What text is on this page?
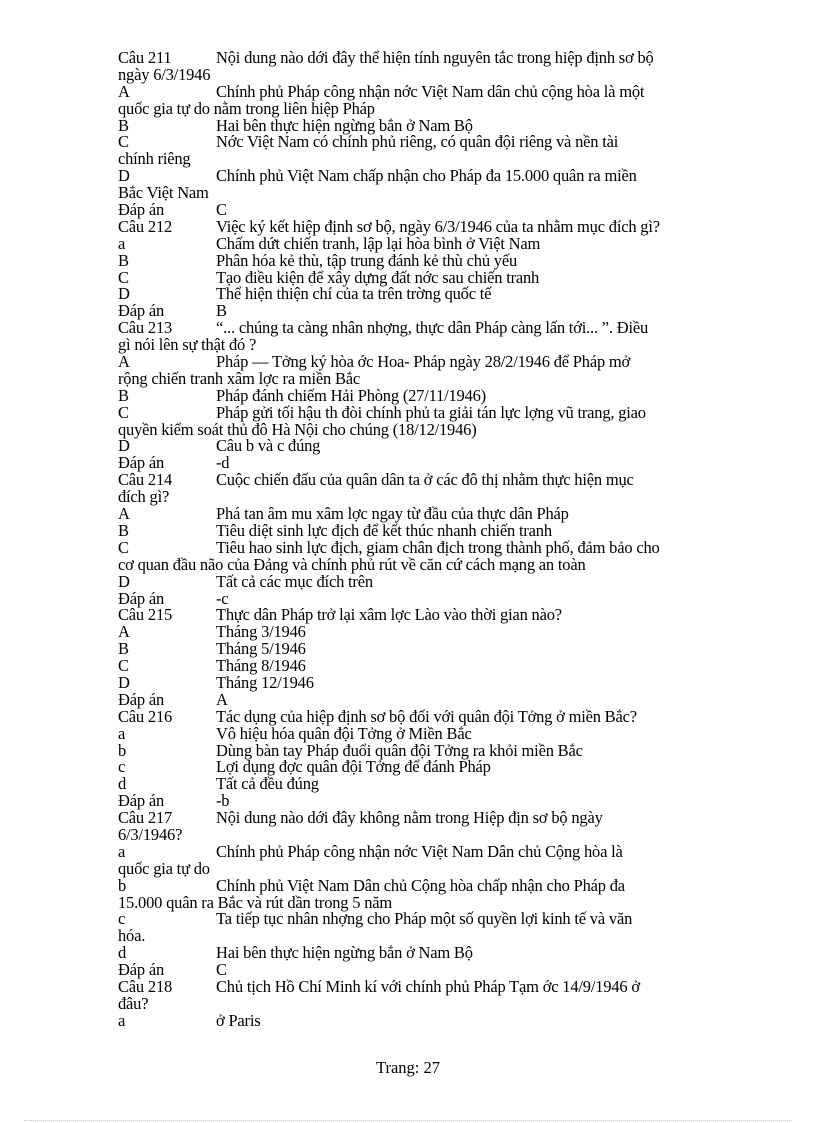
Câu 211	Nội dung nào dới đây thể hiện tính nguyên tắc trong hiệp định sơ bộ
ngày 6/3/1946
A	Chính phủ Pháp công nhận nớc Việt Nam dân chủ cộng hòa là một
quốc gia tự do nằm trong liên hiệp Pháp
B	Hai bên thực hiện ngừng bắn ở Nam Bộ
C	Nớc Việt Nam có chính phủ riêng, có quân đội riêng và nền tài
chính riêng
D	Chính phủ Việt Nam chấp nhận cho Pháp đa 15.000 quân ra miền
Bắc Việt Nam
Đáp án	C
Câu 212	Việc ký kết hiệp định sơ bộ, ngày 6/3/1946 của ta nhằm mục đích gì?
a	Chấm dứt chiến tranh, lập lại hòa bình ở Việt Nam
B	Phân hóa kẻ thù, tập trung đánh kẻ thù chủ yếu
C	Tạo điều kiện để xây dựng đất nớc sau chiến tranh
D	Thể hiện thiện chí của ta trên trờng quốc tế
Đáp án	B
Câu 213	“... chúng ta càng nhân nhợng, thực dân Pháp càng lấn tới... ”. Điều
gì nói lên sự thật đó ?
A	Pháp — Tởng ký hòa ớc Hoa- Pháp ngày 28/2/1946 để Pháp mở
rộng chiến tranh xâm lợc ra miền Bắc
B	Pháp đánh chiếm Hải Phòng (27/11/1946)
C	Pháp gửi tối hậu th đòi chính phủ ta giải tán lực lợng vũ trang, giao
quyền kiểm soát thủ đô Hà Nội cho chúng (18/12/1946)
D	Câu b và c đúng
Đáp án	-d
Câu 214	Cuộc chiến đấu của quân dân ta ở các đô thị nhằm thực hiện mục
đích gì?
A	Phá tan âm mu xâm lợc ngay từ đầu của thực dân Pháp
B	Tiêu diệt sinh lực địch để kết thúc nhanh chiến tranh
C	Tiêu hao sinh lực địch, giam chân địch trong thành phố, đảm bảo cho
cơ quan đầu não của Đảng và chính phủ rút về căn cứ cách mạng an toàn
D	Tất cả các mục đích trên
Đáp án	-c
Câu 215	Thực dân Pháp trở lại xâm lợc Lào vào thời gian nào?
A	Tháng 3/1946
B	Tháng 5/1946
C	Tháng 8/1946
D	Tháng 12/1946
Đáp án	A
Câu 216	Tác dụng của hiệp định sơ bộ đối với quân đội Tởng ở miền Bắc?
a	Vô hiệu hóa quân đội Tởng ở Miền Bắc
b	Dùng bàn tay Pháp đuổi quân đội Tởng ra khỏi miền Bắc
c	Lợi dụng đợc quân đội Tởng để đánh Pháp
d	Tất cả đều đúng
Đáp án	-b
Câu 217	Nội dung nào dới đây không nằm trong Hiệp địn sơ bộ ngày
6/3/1946?
a	Chính phủ Pháp công nhận nớc Việt Nam Dân chủ Cộng hòa là
quốc gia tự do
b	Chính phủ Việt Nam Dân chủ Cộng hòa chấp nhận cho Pháp đa
15.000 quân ra Bắc và rút dần trong 5 năm
c	Ta tiếp tục nhân nhợng cho Pháp một số quyền lợi kinh tế và văn
hóa.
d	Hai bên thực hiện ngừng bắn ở Nam Bộ
Đáp án	C
Câu 218	Chủ tịch Hồ Chí Minh kí với chính phủ Pháp Tạm ớc 14/9/1946 ở
đâu?
a	ở Paris
Trang: 27
